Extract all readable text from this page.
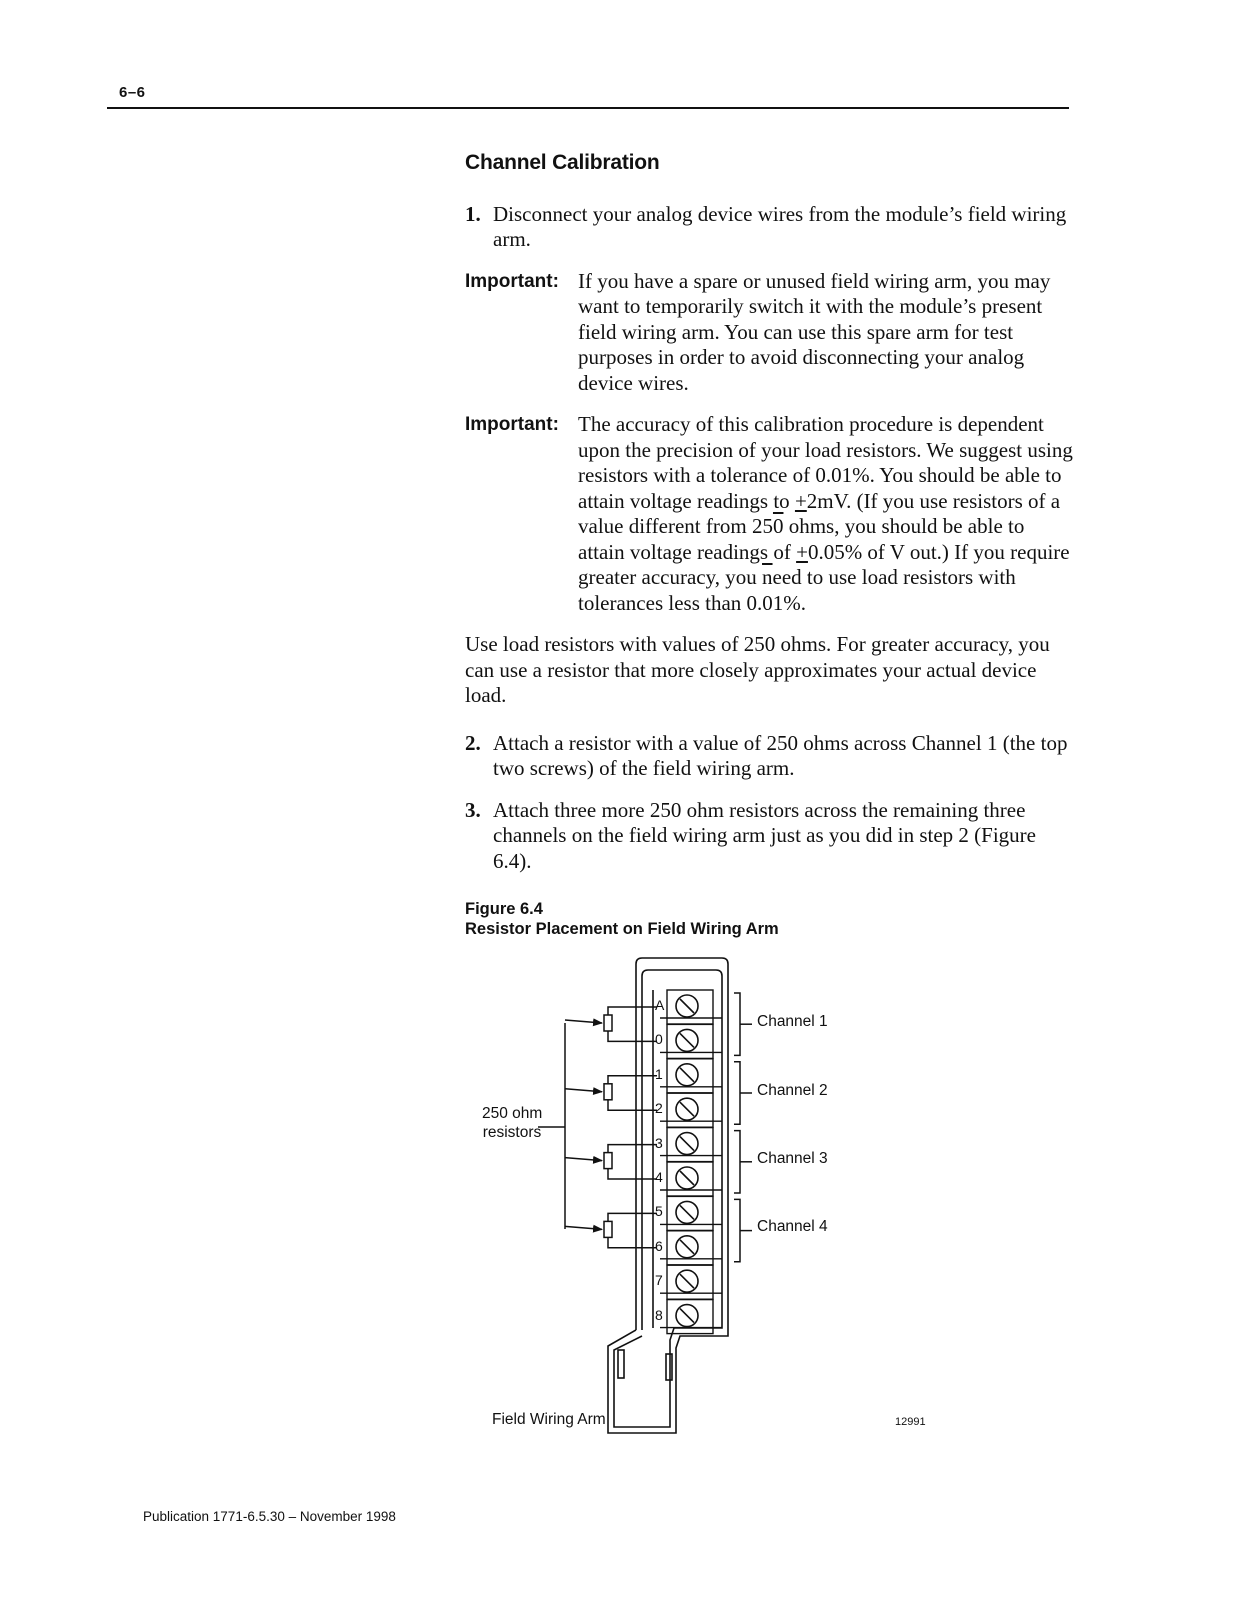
6–6
Channel Calibration
1. Disconnect your analog device wires from the module’s field wiring arm.
Important: If you have a spare or unused field wiring arm, you may want to temporarily switch it with the module’s present field wiring arm. You can use this spare arm for test purposes in order to avoid disconnecting your analog device wires.
Important: The accuracy of this calibration procedure is dependent upon the precision of your load resistors. We suggest using resistors with a tolerance of 0.01%. You should be able to attain voltage readings to +2mV. (If you use resistors of a value different from 250 ohms, you should be able to attain voltage readings of +0.05% of V out.) If you require greater accuracy, you $\overline{n}eed$ to use load resistors with tolerances less than 0.01%.
Use load resistors with values of 250 ohms. For greater accuracy, you can use a resistor that more closely approximates your actual device load.
2. Attach a resistor with a value of 250 ohms across Channel 1 (the top two screws) of the field wiring arm.
3. Attach three more 250 ohm resistors across the remaining three channels on the field wiring arm just as you did in step 2 (Figure 6.4).
Figure 6.4
Resistor Placement on Field Wiring Arm
250 ohm
resistors
A
0
1
2
3
4
5
6
7
8
Channel 1
Channel 2
Channel 3
Channel 4
Field Wiring Arm	12991
Publication 1771-6.5.30 – November 1998
